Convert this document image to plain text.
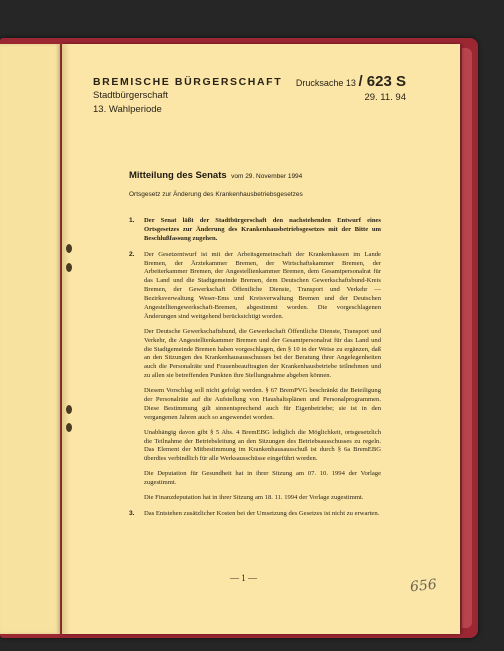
BREMISCHE BÜRGERSCHAFT
Stadtbürgerschaft
13. Wahlperiode
Drucksache 13 / 623 S
29. 11. 94
Mitteilung des Senats vom 29. November 1994
Ortsgesetz zur Änderung des Krankenhausbetriebsgesetzes
1. Der Senat läßt der Stadtbürgerschaft den nachstehenden Entwurf eines Ortsgesetzes zur Änderung des Krankenhausbetriebsgesetzes mit der Bitte um Beschlußfassung zugehen.

2. Der Gesetzentwurf ist mit der Arbeitsgemeinschaft der Krankenkassen im Lande Bremen, der Ärztekammer Bremen, der Wirtschaftskammer Bremen, der Arbeiterkammer Bremen, der Angestelltenkammer Bremen, dem Gesamtpersonalrat für das Land und die Stadtgemeinde Bremen, dem Deutschen Gewerkschaftsbund-Kreis Bremen, der Gewerkschaft Öffentliche Dienste, Transport und Verkehr — Bezirksverwaltung Weser-Ems und Kreisverwaltung Bremen und der Deutschen Angestelltengewerkschaft-Bremen, abgestimmt worden. Die vorgeschlagenen Änderungen sind weitgehend berücksichtigt worden.

Der Deutsche Gewerkschaftsbund, die Gewerkschaft Öffentliche Dienste, Transport und Verkehr, die Angestelltenkammer Bremen und der Gesamtpersonalrat für das Land und die Stadtgemeinde Bremen haben vorgeschlagen, den § 10 in der Weise zu ergänzen, daß an den Sitzungen des Krankenhausausschusses bei der Beratung ihrer Angelegenheiten auch die Personalräte und Frauenbeauftragten der Krankenhausbetriebe teilnehmen und zu allen sie betreffenden Punkten ihre Stellungnahme abgeben können.

Diesem Vorschlag soll nicht gefolgt werden. § 67 BremPVG beschränkt die Beteiligung der Personalräte auf die Aufstellung von Haushaltsplänen und Personalprogrammen. Diese Bestimmung gilt sinnentsprechend auch für Eigenbetriebe; sie ist in den vergangenen Jahren auch so angewendet worden.

Unabhängig davon gibt § 5 Abs. 4 BremEBG lediglich die Möglichkeit, ortsgesetzlich die Teilnahme der Betriebsleitung an den Sitzungen des Betriebsausschusses zu regeln. Das Element der Mitbestimmung im Krankenhausausschuß ist durch § 6a BremEBG überdies verbindlich für alle Werksausschüsse eingeführt worden.

Die Deputation für Gesundheit hat in ihrer Sitzung am 07. 10. 1994 der Vorlage zugestimmt.

Die Finanzdeputation hat in ihrer Sitzung am 18. 11. 1994 der Vorlage zugestimmt.

3. Das Entstehen zusätzlicher Kosten bei der Umsetzung des Gesetzes ist nicht zu erwarten.

— 1 —	656
